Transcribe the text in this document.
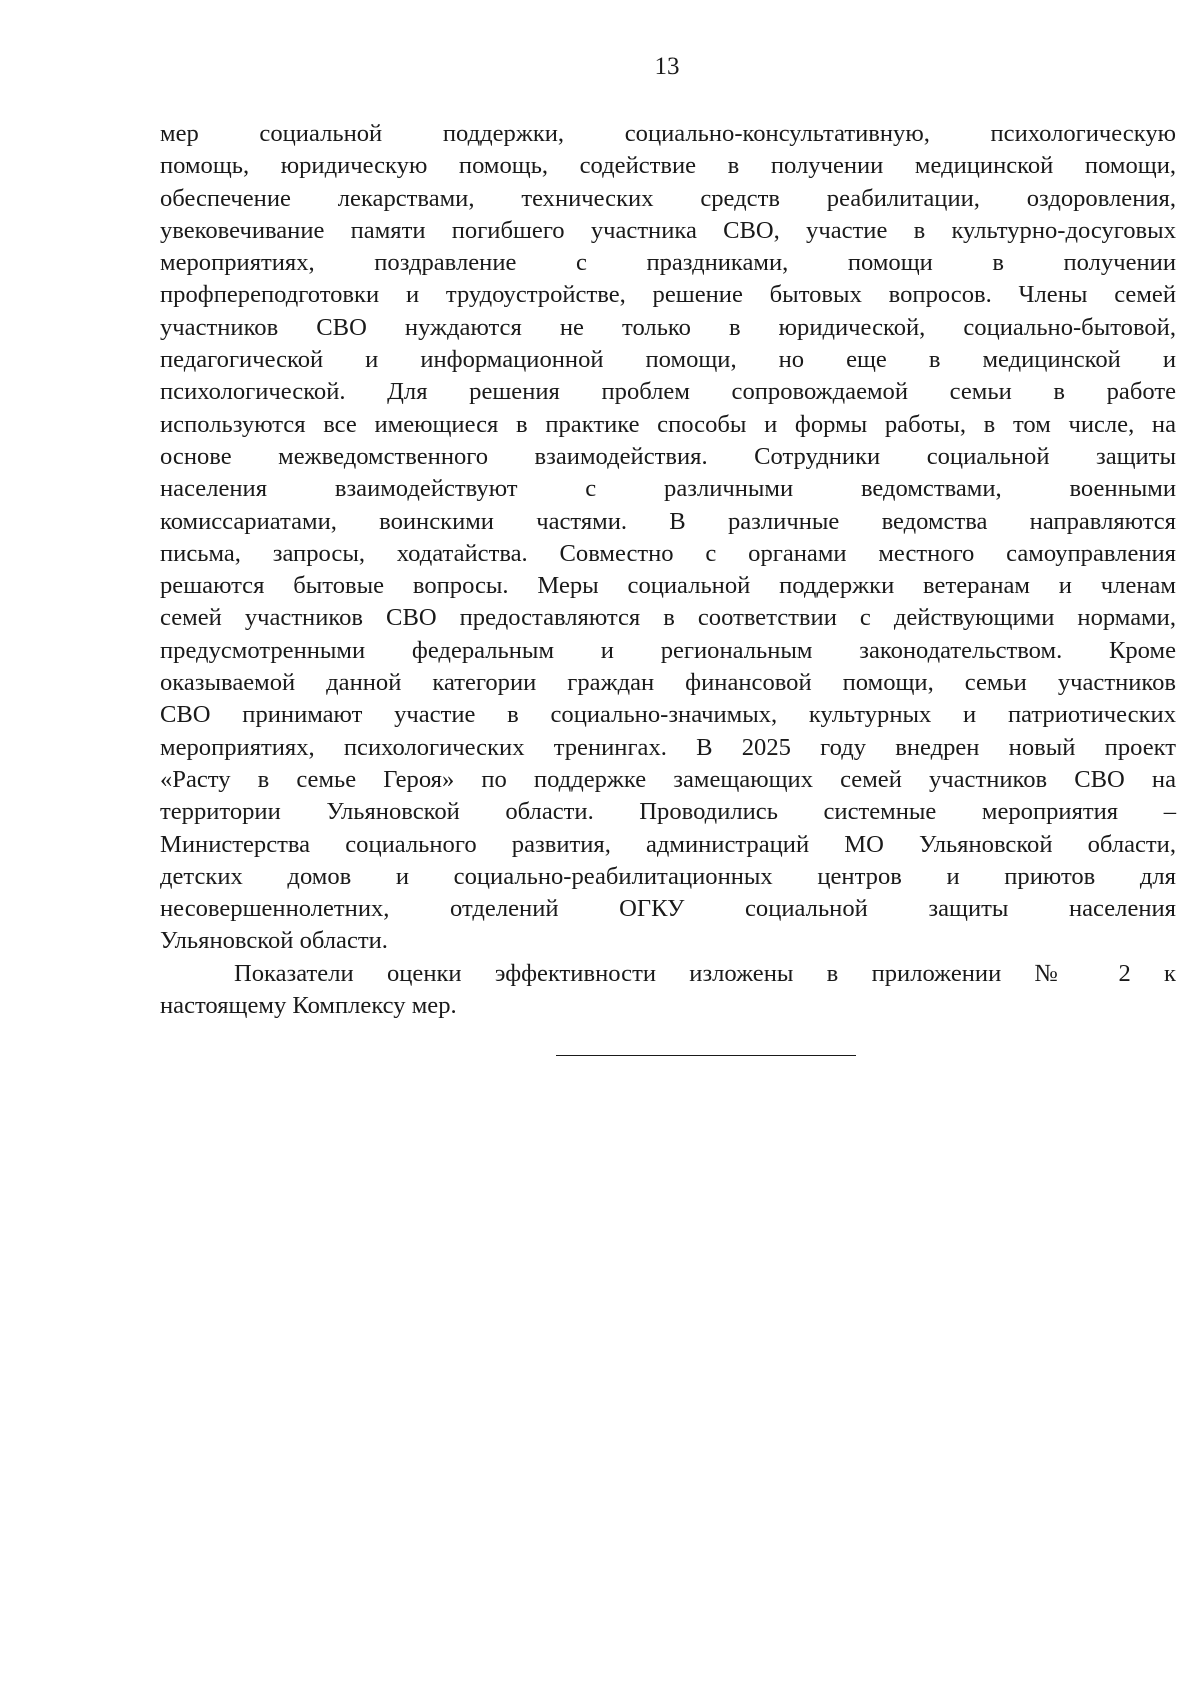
13
мер социальной поддержки, социально-консультативную, психологическую
помощь, юридическую помощь, содействие в получении медицинской помощи,
обеспечение лекарствами, технических средств реабилитации, оздоровления,
увековечивание памяти погибшего участника СВО, участие в культурно-досуговых
мероприятиях, поздравление с праздниками, помощи в получении
профпереподготовки и трудоустройстве, решение бытовых вопросов. Члены семей
участников СВО нуждаются не только в юридической, социально-бытовой,
педагогической и информационной помощи, но еще в медицинской и
психологической. Для решения проблем сопровождаемой семьи в работе
используются все имеющиеся в практике способы и формы работы, в том числе, на
основе межведомственного взаимодействия. Сотрудники социальной защиты
населения взаимодействуют с различными ведомствами, военными
комиссариатами, воинскими частями. В различные ведомства направляются
письма, запросы, ходатайства. Совместно с органами местного самоуправления
решаются бытовые вопросы. Меры социальной поддержки ветеранам и членам
семей участников СВО предоставляются в соответствии с действующими нормами,
предусмотренными федеральным и региональным законодательством. Кроме
оказываемой данной категории граждан финансовой помощи, семьи участников
СВО принимают участие в социально-значимых, культурных и патриотических
мероприятиях, психологических тренингах. В 2025 году внедрен новый проект
«Расту в семье Героя» по поддержке замещающих семей участников СВО на
территории Ульяновской области. Проводились системные мероприятия –
Министерства социального развития, администраций МО Ульяновской области,
детских домов и социально-реабилитационных центров и приютов для
несовершеннолетних, отделений ОГКУ социальной защиты населения
Ульяновской области.
Показатели оценки эффективности изложены в приложении № 2 к
настоящему Комплексу мер.
